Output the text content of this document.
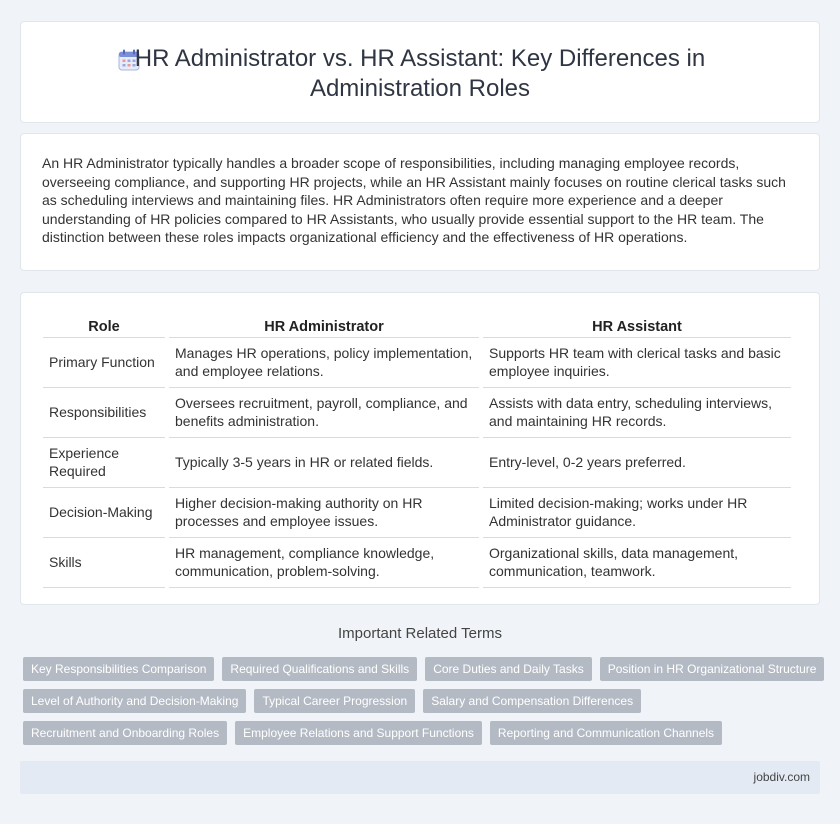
HR Administrator vs. HR Assistant: Key Differences in
Administration Roles

An HR Administrator typically handles a broader scope of responsibilities, including managing employee records, overseeing compliance, and supporting HR projects, while an HR Assistant mainly focuses on routine clerical tasks such as scheduling interviews and maintaining files. HR Administrators often require more experience and a deeper understanding of HR policies compared to HR Assistants, who usually provide essential support to the HR team. The distinction between these roles impacts organizational efficiency and the effectiveness of HR operations.

Role	HR Administrator	HR Assistant
Primary Function	Manages HR operations, policy implementation, and employee relations.	Supports HR team with clerical tasks and basic employee inquiries.
Responsibilities	Oversees recruitment, payroll, compliance, and benefits administration.	Assists with data entry, scheduling interviews, and maintaining HR records.
Experience Required	Typically 3-5 years in HR or related fields.	Entry-level, 0-2 years preferred.
Decision-Making	Higher decision-making authority on HR processes and employee issues.	Limited decision-making; works under HR Administrator guidance.
Skills	HR management, compliance knowledge, communication, problem-solving.	Organizational skills, data management, communication, teamwork.
Important Related Terms
Key Responsibilities Comparison	Required Qualifications and Skills	Core Duties and Daily Tasks	Position in HR Organizational Structure
Level of Authority and Decision-Making	Typical Career Progression	Salary and Compensation Differences
Recruitment and Onboarding Roles	Employee Relations and Support Functions	Reporting and Communication Channels
jobdiv.com
